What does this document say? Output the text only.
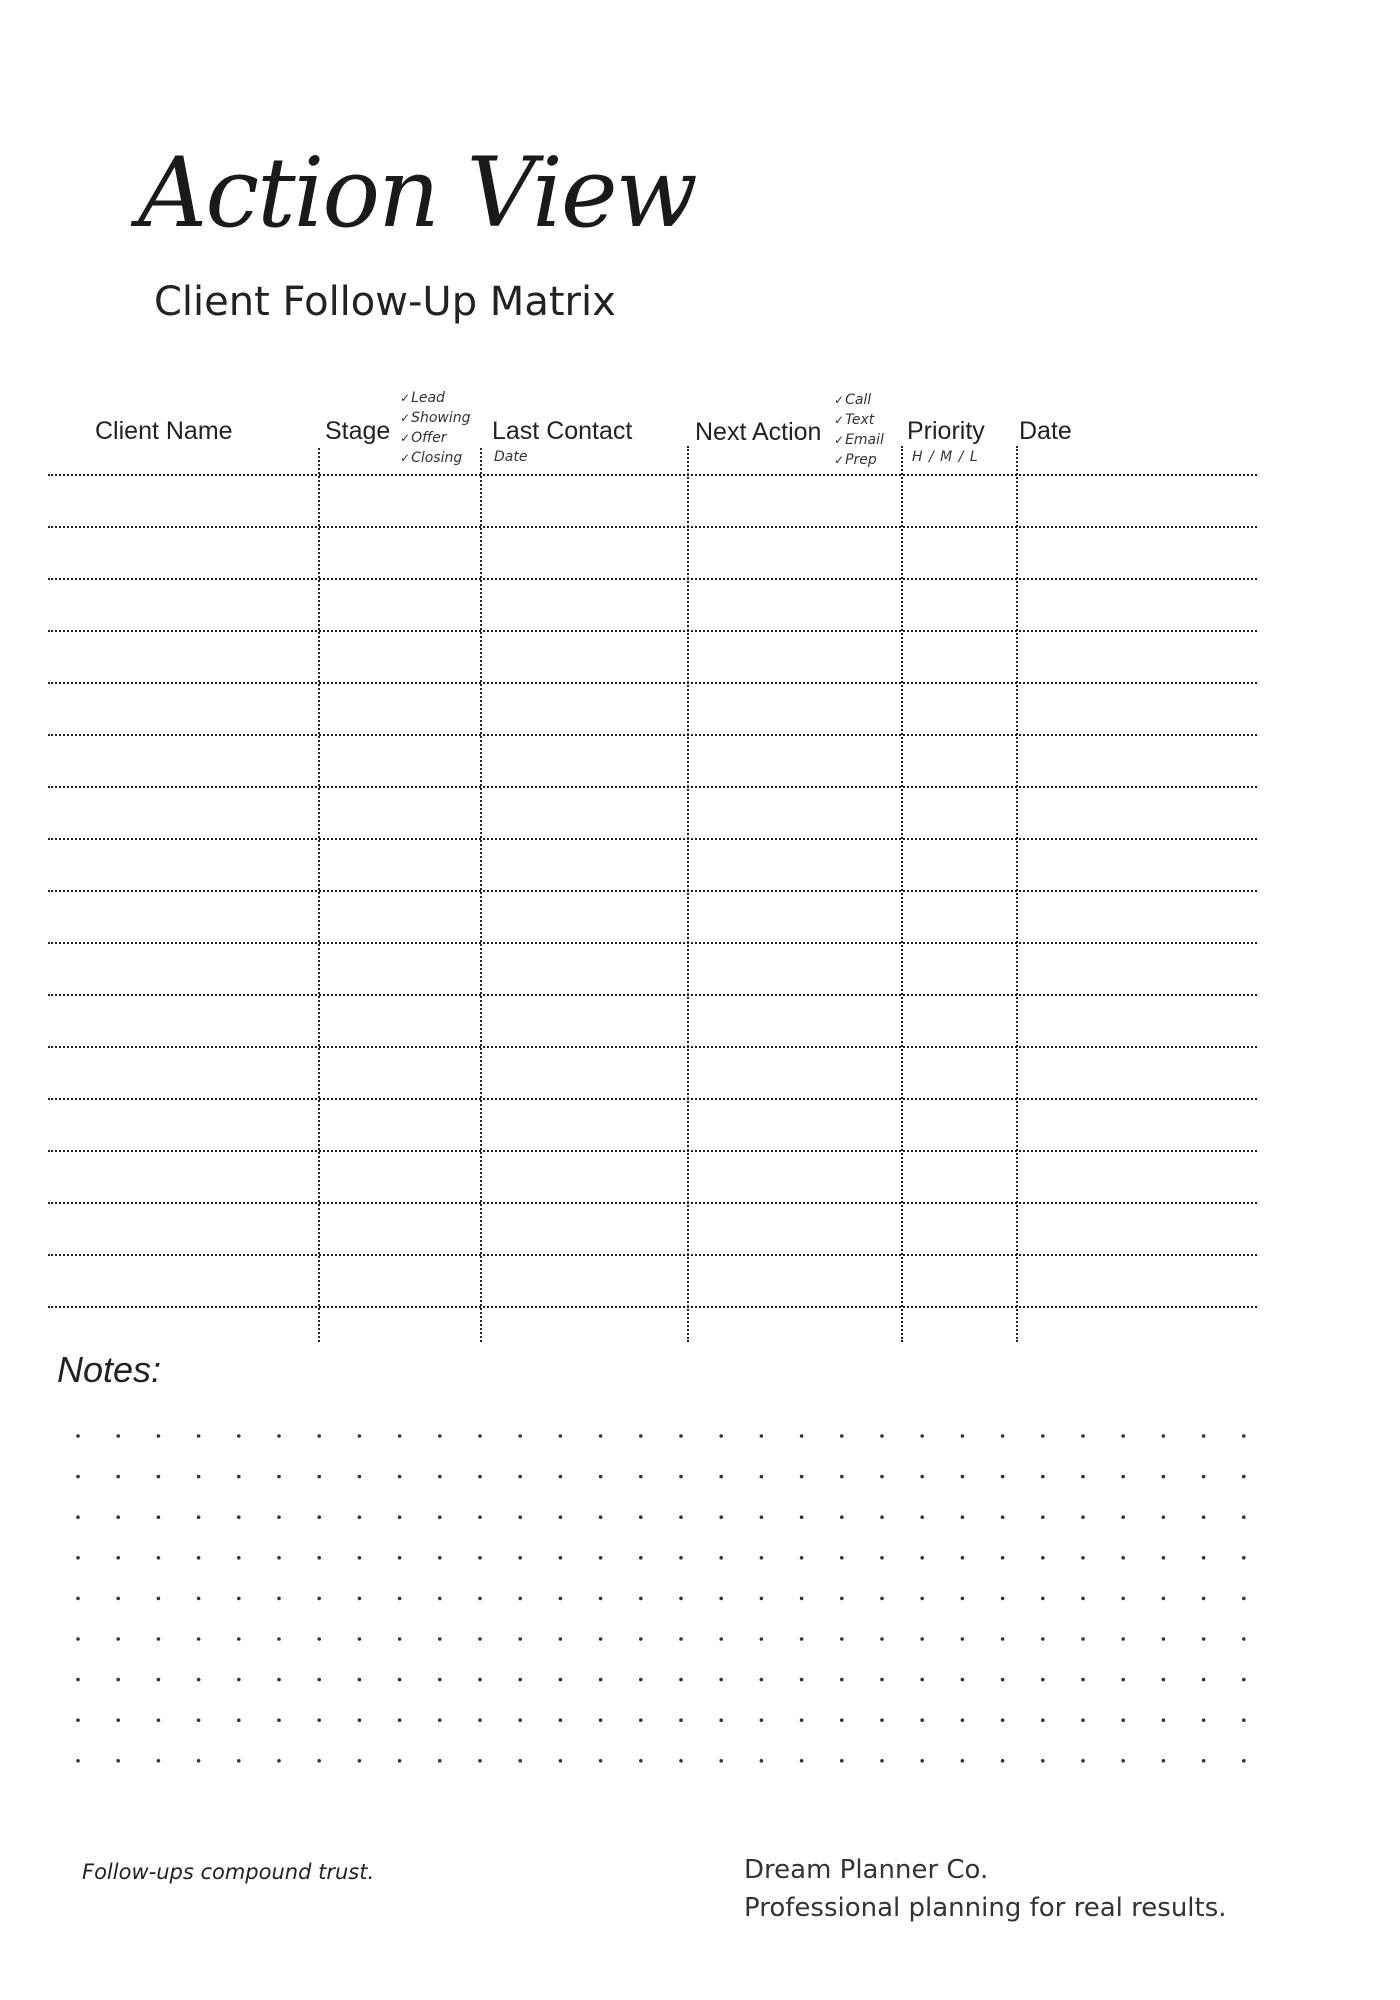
Action View
Client Follow-Up Matrix
Client Name	Stage
✓Lead
✓Showing
✓Offer
✓Closing
Last Contact
Date
Next Action
✓Call
✓Text
✓Email
✓Prep
Priority
H / M / L
Date
Notes:
Follow-ups compound trust.	Dream Planner Co.
Professional planning for real results.
